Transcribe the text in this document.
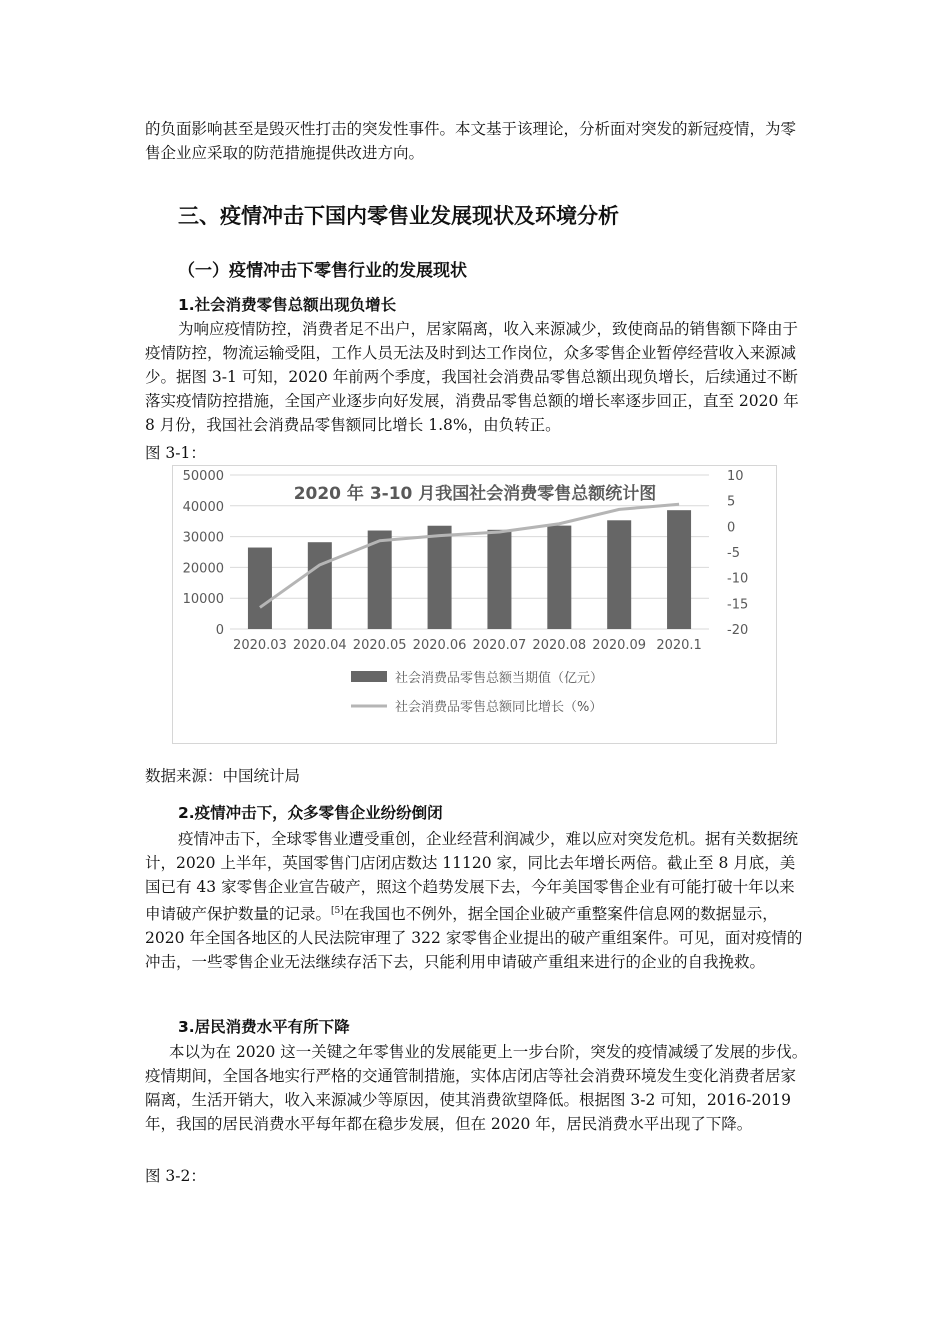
的负面影响甚至是毁灭性打击的突发性事件。本文基于该理论，分析面对突发的新冠疫情，为零售企业应采取的防范措施提供改进方向。

三、疫情冲击下国内零售业发展现状及环境分析
（一）疫情冲击下零售行业的发展现状
1.社会消费零售总额出现负增长

为响应疫情防控，消费者足不出户，居家隔离，收入来源减少，致使商品的销售额下降由于疫情防控，物流运输受阻，工作人员无法及时到达工作岗位，众多零售企业暂停经营收入来源减少。据图 3-1 可知，2020 年前两个季度，我国社会消费品零售总额出现负增长，后续通过不断落实疫情防控措施，全国产业逐步向好发展，消费品零售总额的增长率逐步回正，直至 2020 年 8 月份，我国社会消费品零售额同比增长 1.8%，由负转正。

图 3-1：

50000
40000
30000
20000
10000
0
10
5
0
-5
-10
-15
-20
2020.03 2020.04 2020.05 2020.06 2020.07 2020.08 2020.09 2020.1
2020 年 3-10 月我国社会消费零售总额统计图
社会消费品零售总额当期值（亿元）
社会消费品零售总额同比增长（%）

数据来源：中国统计局

2.疫情冲击下，众多零售企业纷纷倒闭

疫情冲击下，全球零售业遭受重创，企业经营利润减少，难以应对突发危机。据有关数据统计，2020 上半年，英国零售门店闭店数达 11120 家，同比去年增长两倍。截止至 8 月底，美国已有 43 家零售企业宣告破产，照这个趋势发展下去，今年美国零售企业有可能打破十年以来申请破产保护数量的记录。[5]在我国也不例外，据全国企业破产重整案件信息网的数据显示，2020 年全国各地区的人民法院审理了 322 家零售企业提出的破产重组案件。可见，面对疫情的冲击，一些零售企业无法继续存活下去，只能利用申请破产重组来进行的企业的自我挽救。

3.居民消费水平有所下降

本以为在 2020 这一关键之年零售业的发展能更上一步台阶，突发的疫情减缓了发展的步伐。疫情期间，全国各地实行严格的交通管制措施，实体店闭店等社会消费环境发生变化消费者居家隔离，生活开销大，收入来源减少等原因，使其消费欲望降低。根据图 3-2 可知，2016-2019 年，我国的居民消费水平每年都在稳步发展，但在 2020 年，居民消费水平出现了下降。

图 3-2：
